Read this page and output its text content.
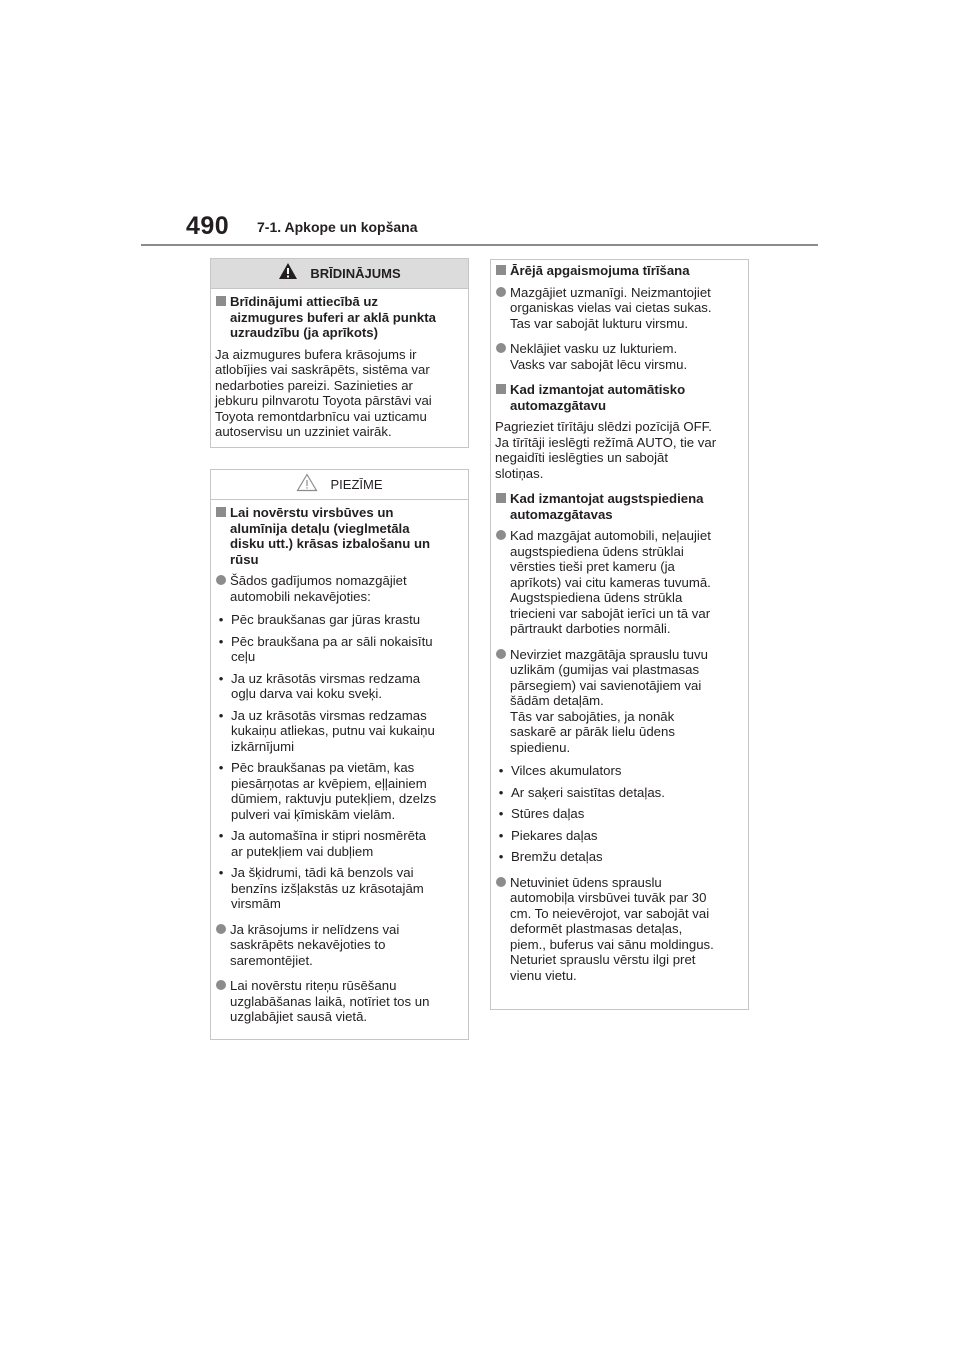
490 7-1. Apkope un kopšana
BRĪDINĀJUMS
Brīdinājumi attiecībā uz
aizmugures buferi ar aklā punkta
uzraudzību (ja aprīkots)
Ja aizmugures bufera krāsojums ir
atlobījies vai saskrāpēts, sistēma var
nedarboties pareizi. Sazinieties ar
jebkuru pilnvarotu Toyota pārstāvi vai
Toyota remontdarbnīcu vai uzticamu
autoservisu un uzziniet vairāk.
PIEZĪME
Lai novērstu virsbūves un
alumīnija detaļu (vieglmetāla
disku utt.) krāsas izbalošanu un
rūsu
Šādos gadījumos nomazgājiet
automobili nekavējoties:
• Pēc braukšanas gar jūras krastu
• Pēc braukšana pa ar sāli nokaisītu
ceļu
• Ja uz krāsotās virsmas redzama
ogļu darva vai koku sveķi.
• Ja uz krāsotās virsmas redzamas
kukaiņu atliekas, putnu vai kukaiņu
izkārnījumi
• Pēc braukšanas pa vietām, kas
piesārņotas ar kvēpiem, eļļainiem
dūmiem, raktuvju putekļiem, dzelzs
pulveri vai ķīmiskām vielām.
• Ja automašīna ir stipri nosmērēta
ar putekļiem vai dubļiem
• Ja šķidrumi, tādi kā benzols vai
benzīns izšļakstās uz krāsotajām
virsmām
Ja krāsojums ir nelīdzens vai
saskrāpēts nekavējoties to
saremontējiet.
Lai novērstu riteņu rūsēšanu
uzglabāšanas laikā, notīriet tos un
uzglabājiet sausā vietā.
Ārējā apgaismojuma tīrīšana
Mazgājiet uzmanīgi. Neizmantojiet
organiskas vielas vai cietas sukas.
Tas var sabojāt lukturu virsmu.
Neklājiet vasku uz lukturiem.
Vasks var sabojāt lēcu virsmu.
Kad izmantojat automātisko
automazgātavu
Pagrieziet tīrītāju slēdzi pozīcijā OFF.
Ja tīrītāji ieslēgti režīmā AUTO, tie var
negaidīti ieslēgties un sabojāt
slotiņas.
Kad izmantojat augstspiediena
automazgātavas
Kad mazgājat automobili, neļaujiet
augstspiediena ūdens strūklai
vērsties tieši pret kameru (ja
aprīkots) vai citu kameras tuvumā.
Augstspiediena ūdens strūkla
triecieni var sabojāt ierīci un tā var
pārtraukt darboties normāli.
Nevirziet mazgātāja sprauslu tuvu
uzlikām (gumijas vai plastmasas
pārsegiem) vai savienotājiem vai
šādām detaļām.
Tās var sabojāties, ja nonāk
saskarē ar pārāk lielu ūdens
spiedienu.
• Vilces akumulators
• Ar saķeri saistītas detaļas.
• Stūres daļas
• Piekares daļas
• Bremžu detaļas
Netuviniet ūdens sprauslu
automobiļa virsbūvei tuvāk par 30
cm. To neievērojot, var sabojāt vai
deformēt plastmasas detaļas,
piem., buferus vai sānu moldingus.
Neturiet sprauslu vērstu ilgi pret
vienu vietu.
